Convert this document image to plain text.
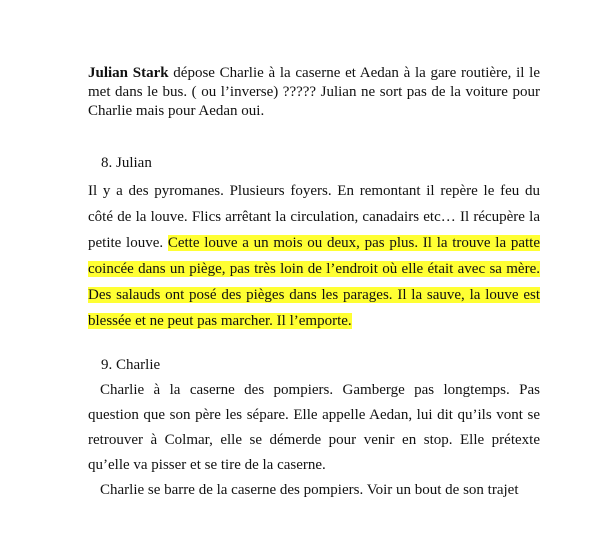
Julian Stark dépose Charlie à la caserne et Aedan à la gare routière, il le met dans le bus. ( ou l’inverse) ????? Julian ne sort pas de la voiture pour Charlie mais pour Aedan oui.
8. Julian
Il y a des pyromanes. Plusieurs foyers. En remontant il repère le feu du côté de la louve. Flics arrêtant la circulation, canadairs etc… Il récupère la petite louve. Cette louve a un mois ou deux, pas plus. Il la trouve la patte coincée dans un piège, pas très loin de l’endroit où elle était avec sa mère. Des salauds ont posé des pièges dans les parages. Il la sauve, la louve est blessée et ne peut pas marcher. Il l’emporte.
9. Charlie
Charlie à la caserne des pompiers. Gamberge pas longtemps. Pas question que son père les sépare. Elle appelle Aedan, lui dit qu’ils vont se retrouver à Colmar, elle se démerde pour venir en stop. Elle prétexte qu’elle va pisser et se tire de la caserne.
Charlie se barre de la caserne des pompiers. Voir un bout de son trajet
